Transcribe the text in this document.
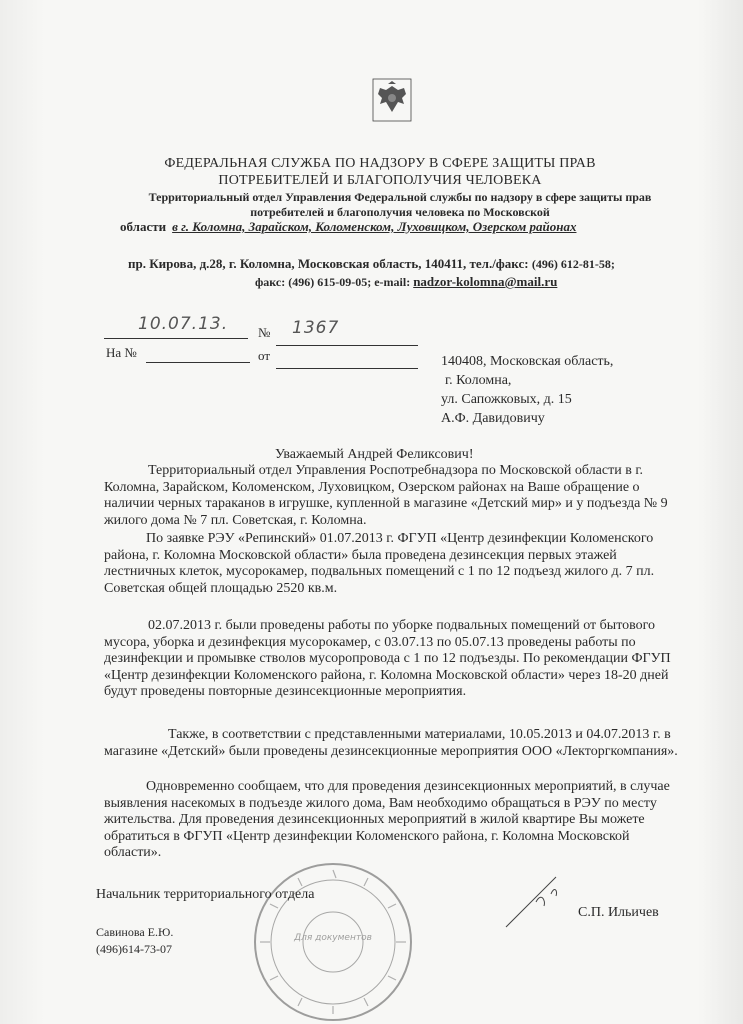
ФЕДЕРАЛЬНАЯ СЛУЖБА ПО НАДЗОРУ В СФЕРЕ ЗАЩИТЫ ПРАВ
ПОТРЕБИТЕЛЕЙ И БЛАГОПОЛУЧИЯ ЧЕЛОВЕКА
Территориальный отдел Управления Федеральной службы по надзору в сфере защиты прав
потребителей и благополучия человека по Московской
области в г. Коломна, Зарайском, Коломенском, Луховицком, Озерском районах
пр. Кирова, д.28, г. Коломна, Московская область, 140411, тел./факс: (496) 612-81-58;
факс: (496) 615-09-05; e-mail: nadzor-kolomna@mail.ru
10.07.13. № 1367
На №	от	140408, Московская область,
г. Коломна,
ул. Сапожковых, д. 15
А.Ф. Давидовичу
Уважаемый Андрей Феликсович!
Территориальный отдел Управления Роспотребнадзора по Московской области в г. Коломна, Зарайском, Коломенском, Луховицком, Озерском районах на Ваше обращение о наличии черных тараканов в игрушке, купленной в магазине «Детский мир» и у подъезда № 9 жилого дома № 7 пл. Советская, г. Коломна.
По заявке РЭУ «Репинский» 01.07.2013 г. ФГУП «Центр дезинфекции Коломенского района, г. Коломна Московской области» была проведена дезинсекция первых этажей лестничных клеток, мусорокамер, подвальных помещений с 1 по 12 подъезд жилого д. 7 пл. Советская общей площадью 2520 кв.м.
02.07.2013 г. были проведены работы по уборке подвальных помещений от бытового мусора, уборка и дезинфекция мусорокамер, с 03.07.13 по 05.07.13 проведены работы по дезинфекции и промывке стволов мусоропровода с 1 по 12 подъезды. По рекомендации ФГУП «Центр дезинфекции Коломенского района, г. Коломна Московской области» через 18-20 дней будут проведены повторные дезинсекционные мероприятия.
Также, в соответствии с представленными материалами, 10.05.2013 и 04.07.2013 г. в магазине «Детский» были проведены дезинсекционные мероприятия ООО «Лекторгкомпания».
Одновременно сообщаем, что для проведения дезинсекционных мероприятий, в случае выявления насекомых в подъезде жилого дома, Вам необходимо обращаться в РЭУ по месту жительства. Для проведения дезинсекционных мероприятий в жилой квартире Вы можете обратиться в ФГУП «Центр дезинфекции Коломенского района, г. Коломна Московской области».
Для документов
Начальник территориального отдела
С.П. Ильичев
Савинова Е.Ю.
(496)614-73-07
